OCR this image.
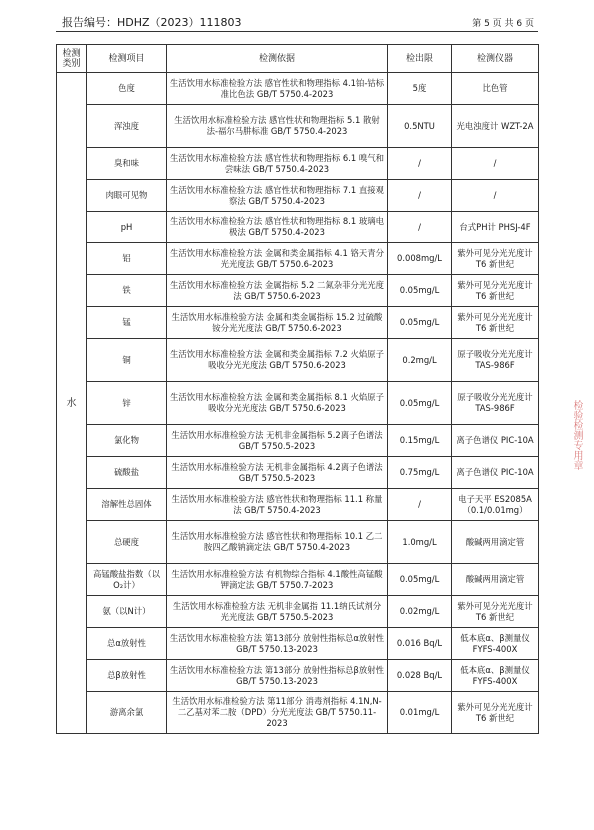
报告编号：HDHZ（2023）111803	第 5 页 共 6 页
检测类别	检测项目	检测依据	检出限	检测仪器
水	色度	生活饮用水标准检验方法 感官性状和物理指标 4.1铂-钴标准比色法 GB/T 5750.4-2023	5度	比色管
	浑浊度	生活饮用水标准检验方法 感官性状和物理指标 5.1 散射法-福尔马肼标准 GB/T 5750.4-2023	0.5NTU	光电浊度计 WZT-2A
	臭和味	生活饮用水标准检验方法 感官性状和物理指标 6.1 嗅气和尝味法 GB/T 5750.4-2023	/	/
	肉眼可见物	生活饮用水标准检验方法 感官性状和物理指标 7.1 直接观察法 GB/T 5750.4-2023	/	/
	pH	生活饮用水标准检验方法 感官性状和物理指标 8.1 玻璃电极法 GB/T 5750.4-2023	/	台式PH计 PHSJ-4F
	铝	生活饮用水标准检验方法 金属和类金属指标 4.1 铬天青分光光度法 GB/T 5750.6-2023	0.008mg/L	紫外可见分光光度计 T6 新世纪
	铁	生活饮用水标准检验方法 金属指标 5.2 二氮杂菲分光光度法 GB/T 5750.6-2023	0.05mg/L	紫外可见分光光度计 T6 新世纪
	锰	生活饮用水标准检验方法 金属和类金属指标 15.2 过硫酸铵分光光度法 GB/T 5750.6-2023	0.05mg/L	紫外可见分光光度计 T6 新世纪
	铜	生活饮用水标准检验方法 金属和类金属指标 7.2 火焰原子吸收分光光度法 GB/T 5750.6-2023	0.2mg/L	原子吸收分光光度计 TAS-986F
	锌	生活饮用水标准检验方法 金属和类金属指标 8.1 火焰原子吸收分光光度法 GB/T 5750.6-2023	0.05mg/L	原子吸收分光光度计 TAS-986F
	氯化物	生活饮用水标准检验方法 无机非金属指标 5.2离子色谱法 GB/T 5750.5-2023	0.15mg/L	离子色谱仪 PIC-10A
	硫酸盐	生活饮用水标准检验方法 无机非金属指标 4.2离子色谱法 GB/T 5750.5-2023	0.75mg/L	离子色谱仪 PIC-10A
	溶解性总固体	生活饮用水标准检验方法 感官性状和物理指标 11.1 称量法 GB/T 5750.4-2023	/	电子天平 ES2085A（0.1/0.01mg）
	总硬度	生活饮用水标准检验方法 感官性状和物理指标 10.1 乙二胺四乙酸钠滴定法 GB/T 5750.4-2023	1.0mg/L	酸碱两用滴定管
	高锰酸盐指数（以O₂计）	生活饮用水标准检验方法 有机物综合指标 4.1酸性高锰酸钾滴定法 GB/T 5750.7-2023	0.05mg/L	酸碱两用滴定管
	氨（以N计）	生活饮用水标准检验方法 无机非金属指 11.1纳氏试剂分光光度法 GB/T 5750.5-2023	0.02mg/L	紫外可见分光光度计 T6 新世纪
	总α放射性	生活饮用水标准检验方法 第13部分 放射性指标总α放射性 GB/T 5750.13-2023	0.016 Bq/L	低本底α、β测量仪 FYFS-400X
	总β放射性	生活饮用水标准检验方法 第13部分 放射性指标总β放射性 GB/T 5750.13-2023	0.028 Bq/L	低本底α、β测量仪 FYFS-400X
	游离余氯	生活饮用水标准检验方法 第11部分 消毒剂指标 4.1N,N-二乙基对苯二胺（DPD）分光光度法 GB/T 5750.11-2023	0.01mg/L	紫外可见分光光度计 T6 新世纪
检验检测专用章
